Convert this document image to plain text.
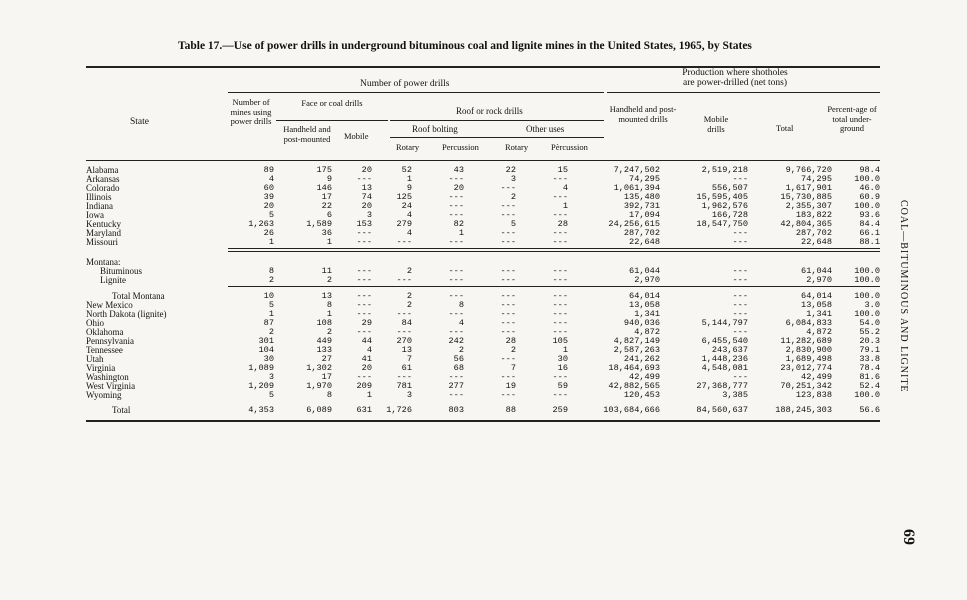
Table 17.—Use of power drills in underground bituminous coal and lignite mines in the United States, 1965, by States
State
Number of power drills
Production where shotholes
are power-drilled (net tons)
Number of mines using power drills
Face or coal drills
Handheld and post-mounted	Mobile
Roof or rock drills
Roof bolting	Other uses
Rotary	Percussion	Rotary	Pèrcussion
Handheld and post-mounted drills	Mobile drills	Total
Percent-age of total under-ground
Alabama	89	175	20	52	43	22	15	7,247,502	2,519,218	9,766,720	98.4
Arkansas	4	9	---	1	---	3	---	74,295	---	74,295	100.0
Colorado	60	146	13	9	20	---	4	1,061,394	556,507	1,617,901	46.0
Illinois	39	17	74	125	---	2	---	135,480	15,595,405	15,730,885	60.9
Indiana	20	22	20	24	---	---	1	392,731	1,962,576	2,355,307	100.0
Iowa	5	6	3	4	---	---	---	17,094	166,728	183,822	93.6
Kentucky	1,263	1,589	153	279	82	5	28	24,256,615	18,547,750	42,804,365	84.4
Maryland	26	36	---	4	1	---	---	287,702	---	287,702	66.1
Missouri	1	1	---	---	---	---	---	22,648	---	22,648	88.1

Montana:											
Bituminous	8	11	---	2	---	---	---	61,044	---	61,044	100.0
Lignite	2	2	---	---	---	---	---	2,970	---	2,970	100.0

Total Montana	10	13	---	2	---	---	---	64,014	---	64,014	100.0
New Mexico	5	8	---	2	8	---	---	13,058	---	13,058	3.0
North Dakota (lignite)	1	1	---	---	---	---	---	1,341	---	1,341	100.0
Ohio	87	108	29	84	4	---	---	940,036	5,144,797	6,084,833	54.0
Oklahoma	2	2	---	---	---	---	---	4,872	---	4,872	55.2
Pennsylvania	301	449	44	270	242	28	105	4,827,149	6,455,540	11,282,689	20.3
Tennessee	104	133	4	13	2	2	1	2,587,263	243,637	2,830,900	79.1
Utah	30	27	41	7	56	---	30	241,262	1,448,236	1,689,498	33.8
Virginia	1,089	1,302	20	61	68	7	16	18,464,693	4,548,081	23,012,774	78.4
Washington	3	17	---	---	---	---	---	42,499	---	42,499	81.6
West Virginia	1,209	1,970	209	781	277	19	59	42,882,565	27,368,777	70,251,342	52.4
Wyoming	5	8	1	3	---	---	---	120,453	3,385	123,838	100.0
Total	4,353	6,089	631	1,726	803	88	259	103,684,666	84,560,637	188,245,303	56.6
COAL—BITUMINOUS AND LIGNITE
69
